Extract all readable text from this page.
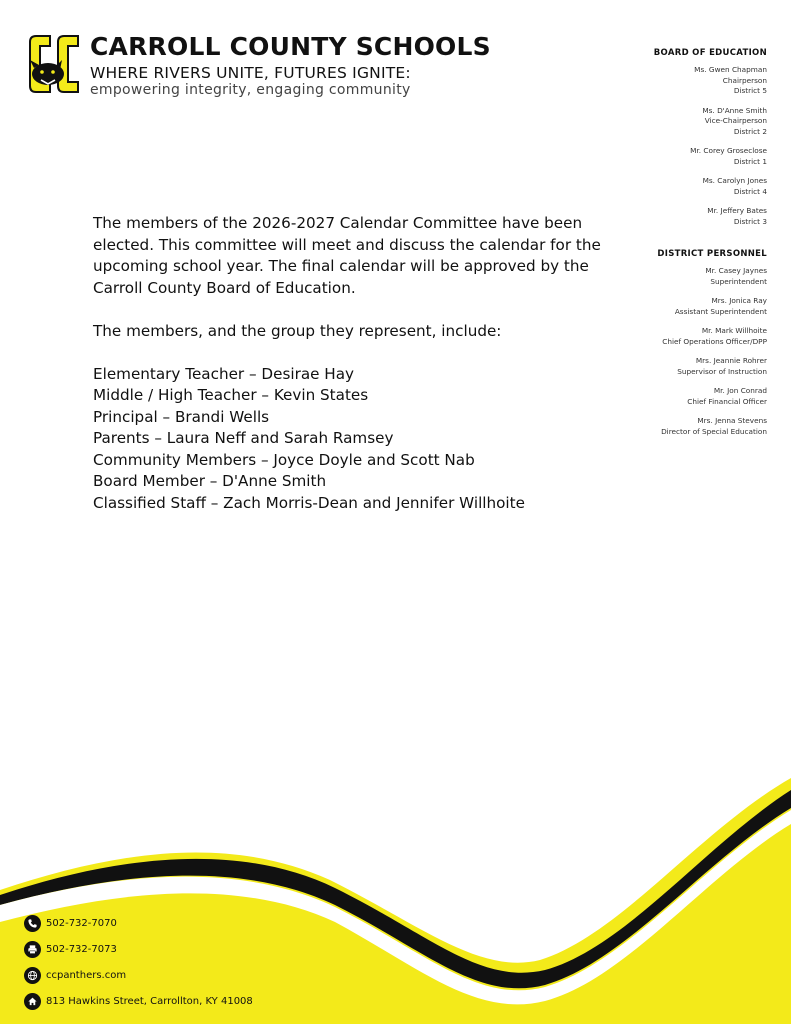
CARROLL COUNTY SCHOOLS
WHERE RIVERS UNITE, FUTURES IGNITE:
empowering integrity, engaging community
BOARD OF EDUCATION
Ms. Gwen Chapman
Chairperson
District 5
Ms. D'Anne Smith
Vice-Chairperson
District 2
Mr. Corey Groseclose
District 1
Ms. Carolyn Jones
District 4
Mr. Jeffery Bates
District 3
DISTRICT PERSONNEL
Mr. Casey Jaynes
Superintendent
Mrs. Jonica Ray
Assistant Superintendent
Mr. Mark Willhoite
Chief Operations Officer/DPP
Mrs. Jeannie Rohrer
Supervisor of Instruction
Mr. Jon Conrad
Chief Financial Officer
Mrs. Jenna Stevens
Director of Special Education

The members of the 2026-2027 Calendar Committee have been elected. This committee will meet and discuss the calendar for the upcoming school year. The final calendar will be approved by the Carroll County Board of Education.

The members, and the group they represent, include:

Elementary Teacher – Desirae Hay
Middle / High Teacher – Kevin States
Principal – Brandi Wells
Parents – Laura Neff and Sarah Ramsey
Community Members – Joyce Doyle and Scott Nab
Board Member – D'Anne Smith
Classified Staff – Zach Morris-Dean and Jennifer Willhoite
502-732-7070
502-732-7073
ccpanthers.com
813 Hawkins Street, Carrollton, KY 41008
